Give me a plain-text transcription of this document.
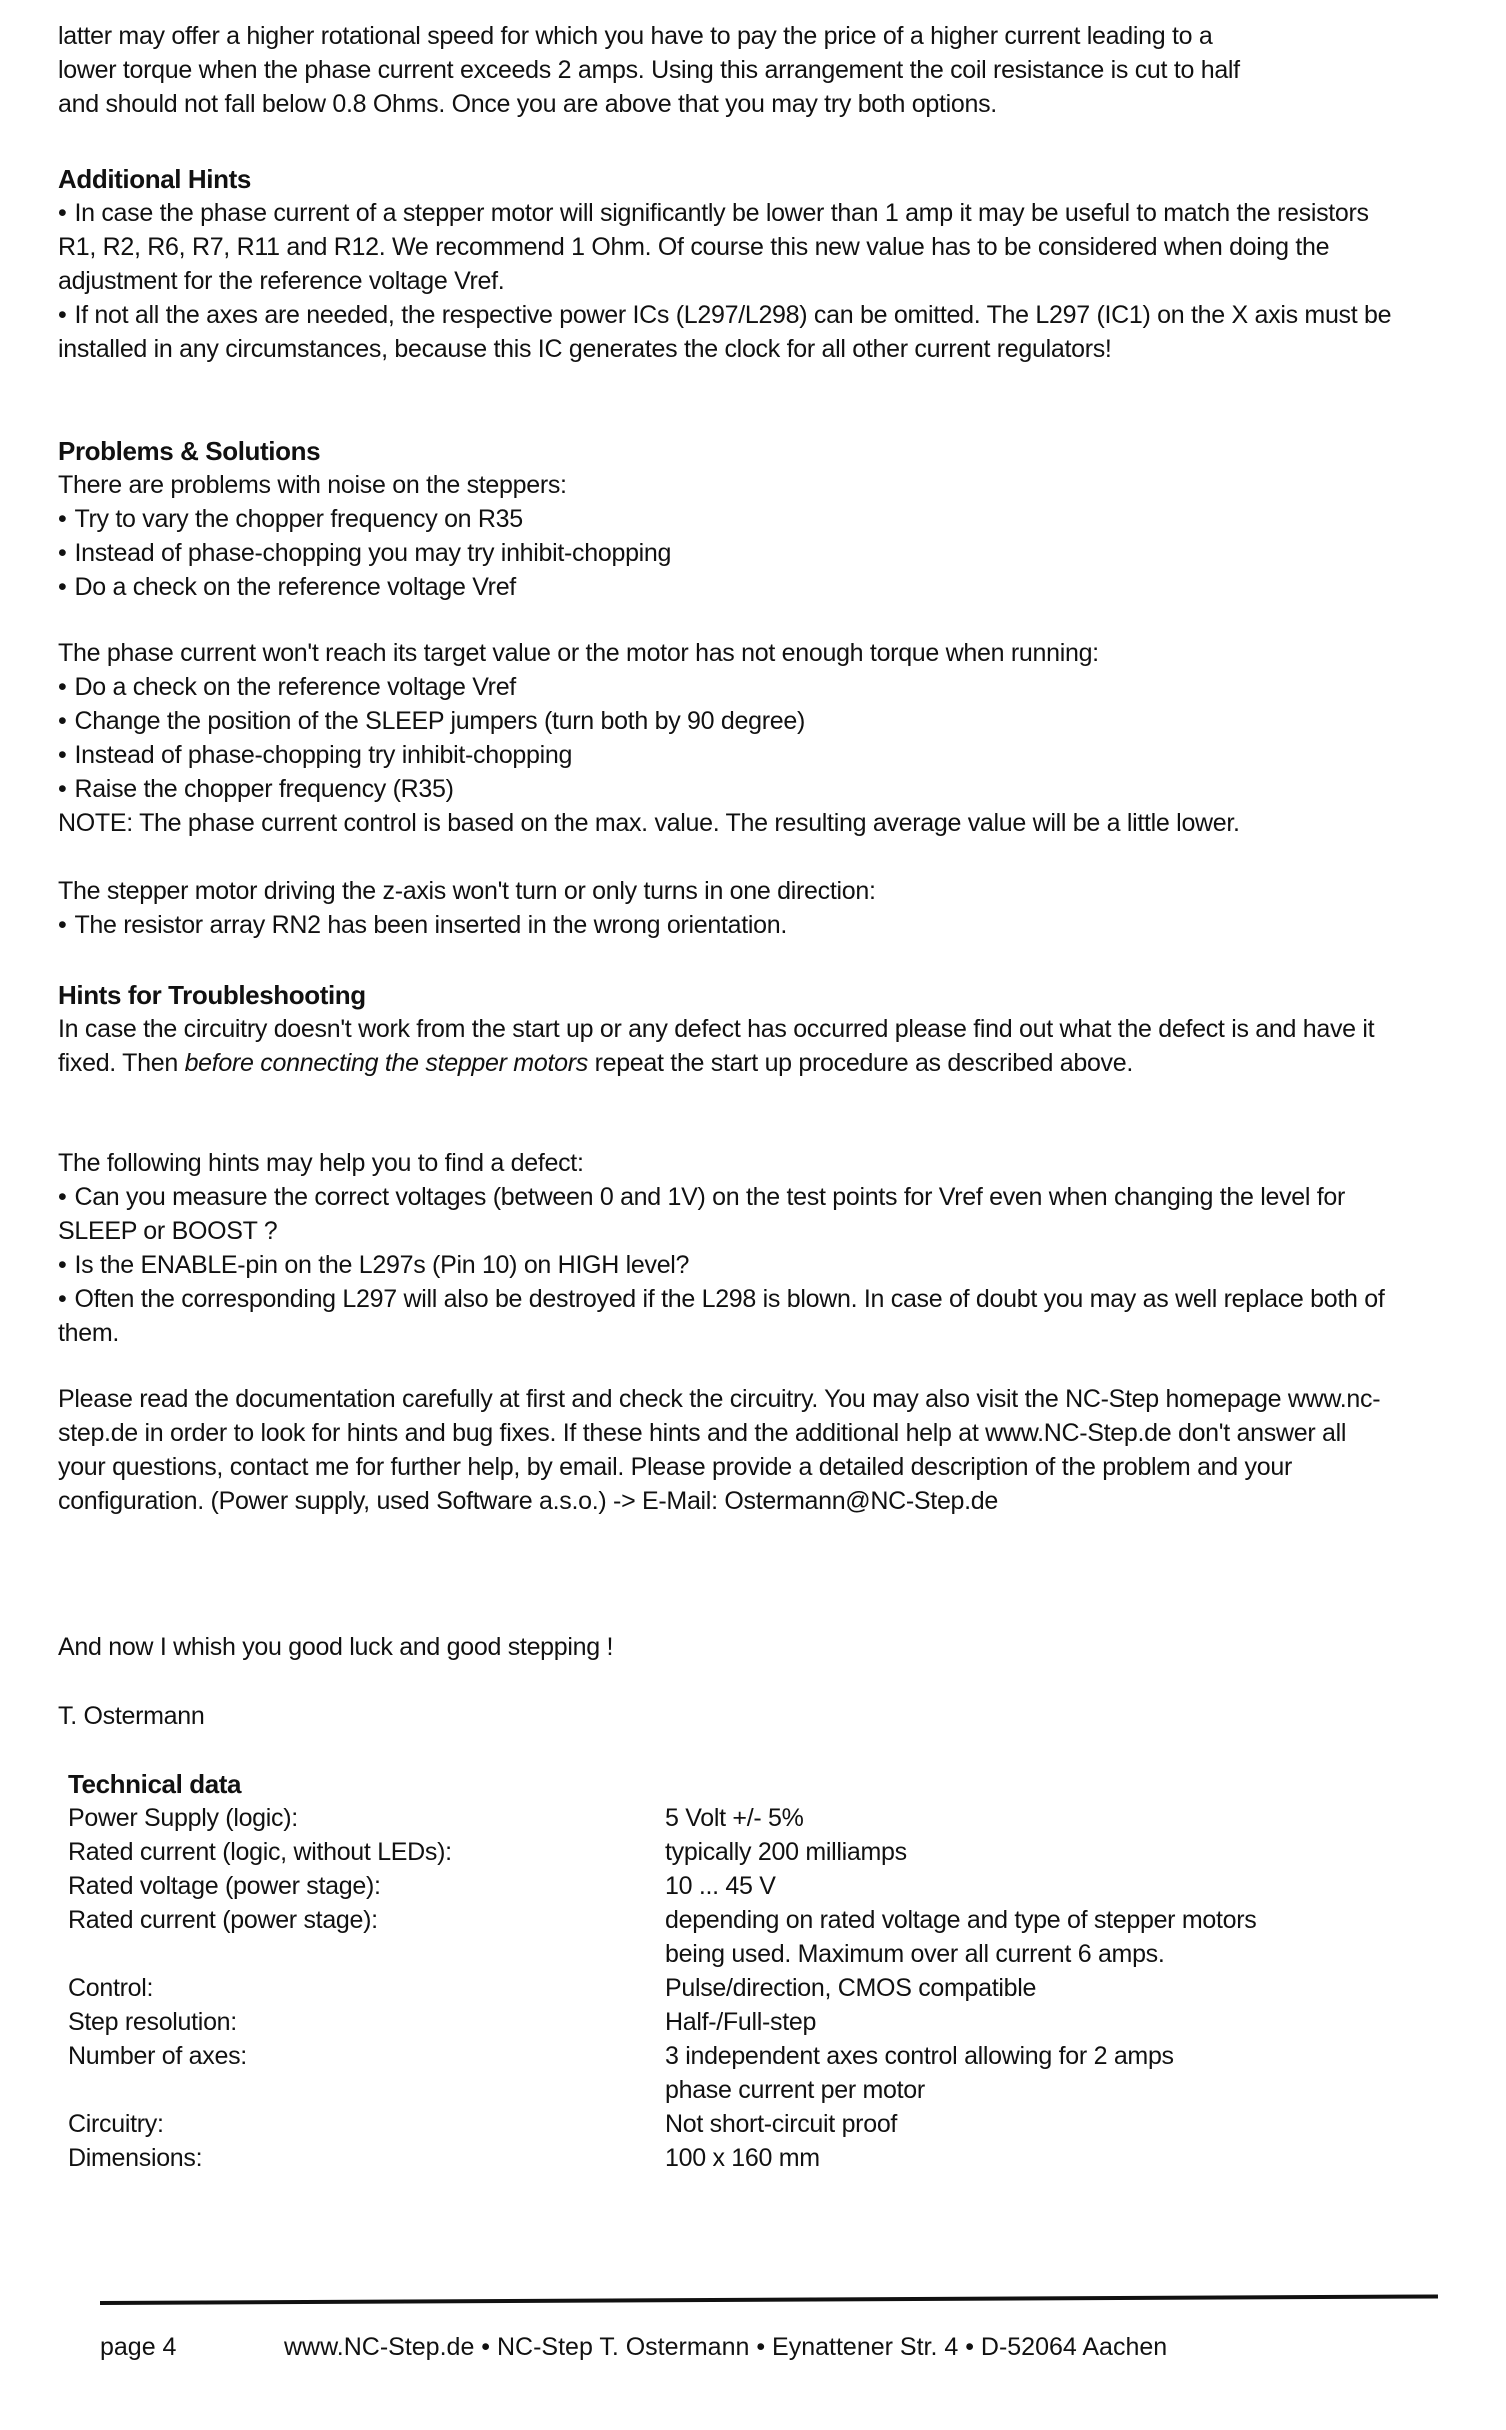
latter may offer a higher rotational speed for which you have to pay the price of a higher current leading to a

lower torque when the phase current exceeds 2 amps. Using this arrangement the coil resistance is cut to half

and should not fall below 0.8 Ohms. Once you are above that you may try both options.

Additional Hints

• In case the phase current of a stepper motor will significantly be lower than 1 amp it may be useful to match the resistors R1, R2, R6, R7, R11 and R12. We recommend 1 Ohm. Of course this new value has to be considered when doing the adjustment for the reference voltage Vref.

• If not all the axes are needed, the respective power ICs (L297/L298) can be omitted. The L297 (IC1) on the X axis must be installed in any circumstances, because this IC generates the clock for all other current regulators!

Problems & Solutions

There are problems with noise on the steppers:

• Try to vary the chopper frequency on R35

• Instead of phase-chopping you may try inhibit-chopping

• Do a check on the reference voltage Vref

The phase current won't reach its target value or the motor has not enough torque when running:

• Do a check on the reference voltage Vref

• Change the position of the SLEEP jumpers (turn both by 90 degree)

• Instead of phase-chopping try inhibit-chopping

• Raise the chopper frequency (R35)

NOTE: The phase current control is based on the max. value. The resulting average value will be a little lower.

The stepper motor driving the z-axis won't turn or only turns in one direction:

• The resistor array RN2 has been inserted in the wrong orientation.

Hints for Troubleshooting

In case the circuitry doesn't work from the start up or any defect has occurred please find out what the defect is and have it fixed. Then before connecting the stepper motors repeat the start up procedure as described above.

The following hints may help you to find a defect:

• Can you measure the correct voltages (between 0 and 1V) on the test points for Vref even when changing the level for SLEEP or BOOST ?

• Is the ENABLE-pin on the L297s (Pin 10) on HIGH level?

• Often the corresponding L297 will also be destroyed if the L298 is blown. In case of doubt you may as well replace both of them.

Please read the documentation carefully at first and check the circuitry. You may also visit the NC-Step homepage www.nc-step.de in order to look for hints and bug fixes. If these hints and the additional help at www.NC-Step.de don't answer all your questions, contact me for further help, by email. Please provide a detailed description of the problem and your configuration. (Power supply, used Software a.s.o.) -> E-Mail: Ostermann@NC-Step.de

And now I whish you good luck and good stepping !

T. Ostermann

Technical data
Power Supply (logic):	5 Volt +/- 5%
Rated current (logic, without LEDs):	typically 200 milliamps
Rated voltage (power stage):	10 ... 45 V
Rated current (power stage):	depending on rated voltage and type of stepper motors being used. Maximum over all current 6 amps.
Control:	Pulse/direction, CMOS compatible
Step resolution:	Half-/Full-step
Number of axes:	3 independent axes control allowing for 2 amps phase current per motor
Circuitry:	Not short-circuit proof
Dimensions:	100 x 160 mm
page 4	www.NC-Step.de • NC-Step T. Ostermann • Eynattener Str. 4 • D-52064 Aachen
